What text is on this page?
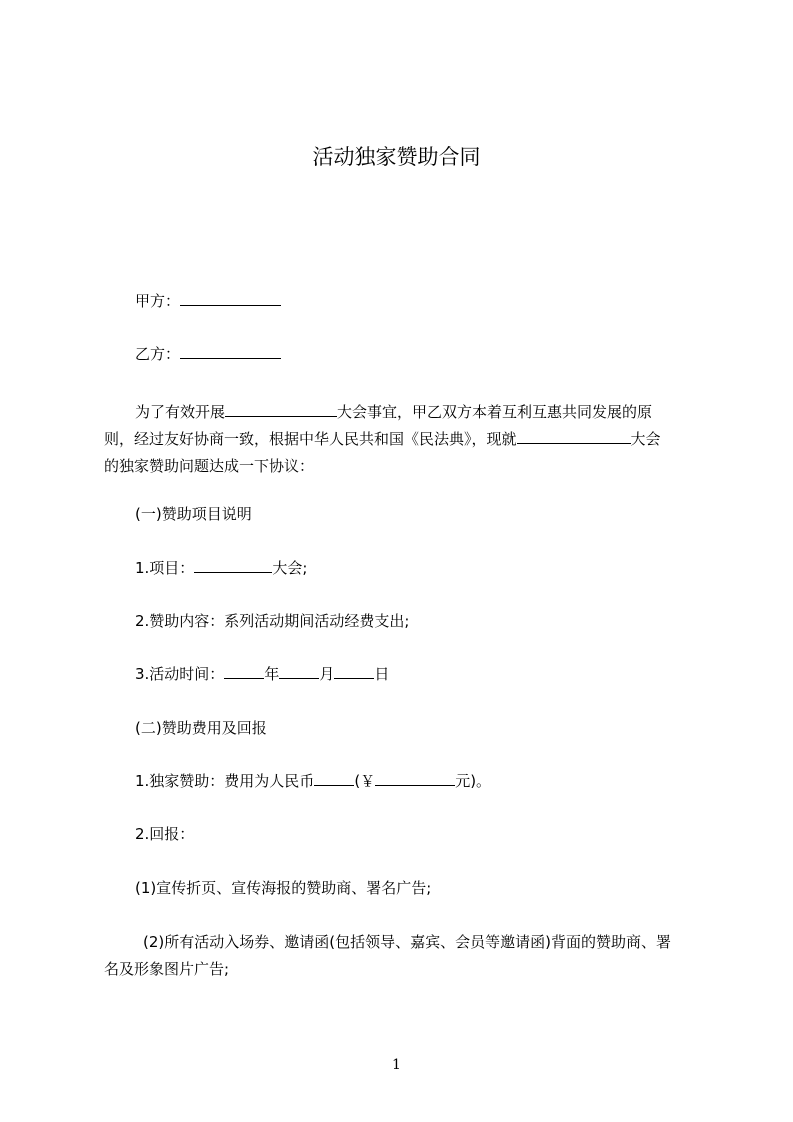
活动独家赞助合同
甲方：
乙方：
为了有效开展	大会事宜，甲乙双方本着互利互惠共同发展的原
则，经过友好协商一致，根据中华人民共和国《民法典》，现就	大会
的独家赞助问题达成一下协议：
(一)赞助项目说明
1.项目：	大会;
2.赞助内容：系列活动期间活动经费支出;
3.活动时间：	年	月	日
(二)赞助费用及回报
1.独家赞助：费用为人民币	(￥	元)。
2.回报：
(1)宣传折页、宣传海报的赞助商、署名广告;
(2)所有活动入场券、邀请函(包括领导、嘉宾、会员等邀请函)背面的赞助商、署
名及形象图片广告;
1
